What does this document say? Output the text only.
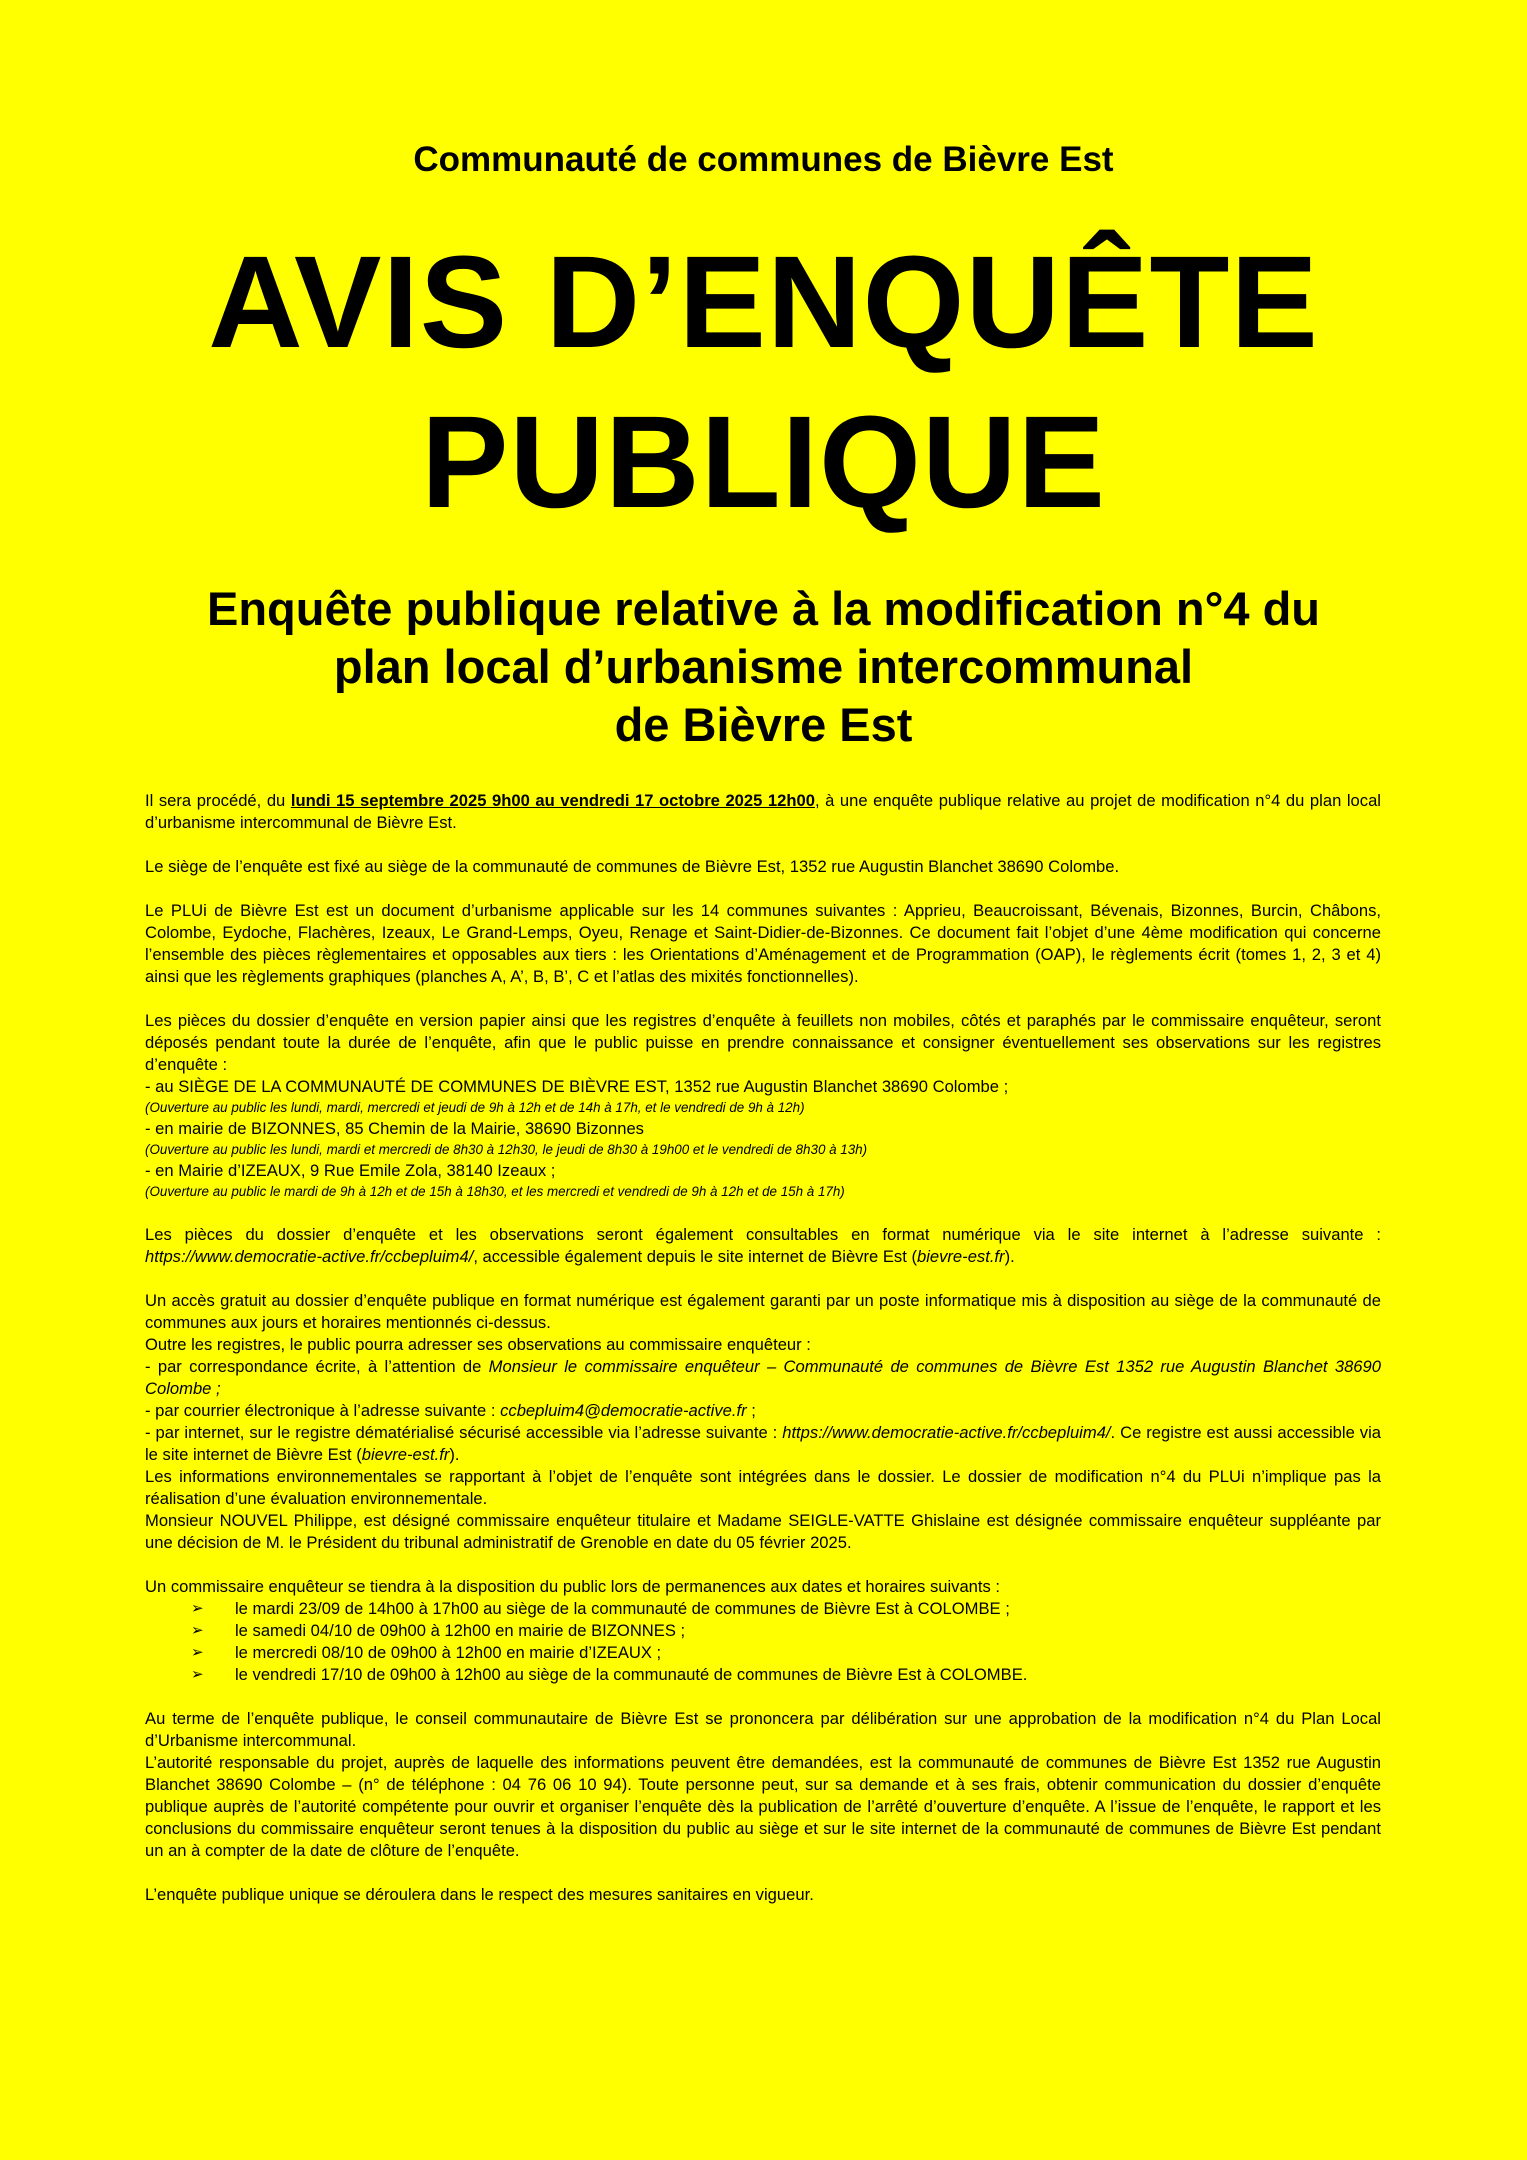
Communauté de communes de Bièvre Est
AVIS D’ENQUÊTE
PUBLIQUE
Enquête publique relative à la modification n°4 du
plan local d’urbanisme intercommunal
de Bièvre Est

Il sera procédé, du lundi 15 septembre 2025 9h00 au vendredi 17 octobre 2025 12h00, à une enquête publique relative au projet de modification n°4 du plan local d’urbanisme intercommunal de Bièvre Est.

Le siège de l’enquête est fixé au siège de la communauté de communes de Bièvre Est, 1352 rue Augustin Blanchet 38690 Colombe.

Le PLUi de Bièvre Est est un document d’urbanisme applicable sur les 14 communes suivantes : Apprieu, Beaucroissant, Bévenais, Bizonnes, Burcin, Châbons, Colombe, Eydoche, Flachères, Izeaux, Le Grand-Lemps, Oyeu, Renage et Saint-Didier-de-Bizonnes. Ce document fait l’objet d’une 4ème modification qui concerne l’ensemble des pièces règlementaires et opposables aux tiers : les Orientations d’Aménagement et de Programmation (OAP), le règlements écrit (tomes 1, 2, 3 et 4) ainsi que les règlements graphiques (planches A, A’, B, B’, C et l’atlas des mixités fonctionnelles).

Les pièces du dossier d’enquête en version papier ainsi que les registres d’enquête à feuillets non mobiles, côtés et paraphés par le commissaire enquêteur, seront déposés pendant toute la durée de l’enquête, afin que le public puisse en prendre connaissance et consigner éventuellement ses observations sur les registres d’enquête :

- au SIÈGE DE LA COMMUNAUTÉ DE COMMUNES DE BIÈVRE EST, 1352 rue Augustin Blanchet 38690 Colombe ;

(Ouverture au public les lundi, mardi, mercredi et jeudi de 9h à 12h et de 14h à 17h, et le vendredi de 9h à 12h)

- en mairie de BIZONNES, 85 Chemin de la Mairie, 38690 Bizonnes

(Ouverture au public les lundi, mardi et mercredi de 8h30 à 12h30, le jeudi de 8h30 à 19h00 et le vendredi de 8h30 à 13h)

- en Mairie d’IZEAUX, 9 Rue Emile Zola, 38140 Izeaux ;

(Ouverture au public le mardi de 9h à 12h et de 15h à 18h30, et les mercredi et vendredi de 9h à 12h et de 15h à 17h)

Les pièces du dossier d’enquête et les observations seront également consultables en format numérique via le site internet à l’adresse suivante : https://www.democratie-active.fr/ccbepluim4/, accessible également depuis le site internet de Bièvre Est (bievre-est.fr).

Un accès gratuit au dossier d’enquête publique en format numérique est également garanti par un poste informatique mis à disposition au siège de la communauté de communes aux jours et horaires mentionnés ci-dessus.

Outre les registres, le public pourra adresser ses observations au commissaire enquêteur :

- par correspondance écrite, à l’attention de Monsieur le commissaire enquêteur – Communauté de communes de Bièvre Est 1352 rue Augustin Blanchet 38690 Colombe ;

- par courrier électronique à l’adresse suivante : ccbepluim4@democratie-active.fr ;

- par internet, sur le registre dématérialisé sécurisé accessible via l’adresse suivante : https://www.democratie-active.fr/ccbepluim4/. Ce registre est aussi accessible via le site internet de Bièvre Est (bievre-est.fr).

Les informations environnementales se rapportant à l’objet de l’enquête sont intégrées dans le dossier. Le dossier de modification n°4 du PLUi n’implique pas la réalisation d’une évaluation environnementale.

Monsieur NOUVEL Philippe, est désigné commissaire enquêteur titulaire et Madame SEIGLE-VATTE Ghislaine est désignée commissaire enquêteur suppléante par une décision de M. le Président du tribunal administratif de Grenoble en date du 05 février 2025.

Un commissaire enquêteur se tiendra à la disposition du public lors de permanences aux dates et horaires suivants :

➢ le mardi 23/09 de 14h00 à 17h00 au siège de la communauté de communes de Bièvre Est à COLOMBE ;
➢ le samedi 04/10 de 09h00 à 12h00 en mairie de BIZONNES ;
➢ le mercredi 08/10 de 09h00 à 12h00 en mairie d’IZEAUX ;
➢ le vendredi 17/10 de 09h00 à 12h00 au siège de la communauté de communes de Bièvre Est à COLOMBE.

Au terme de l’enquête publique, le conseil communautaire de Bièvre Est se prononcera par délibération sur une approbation de la modification n°4 du Plan Local d’Urbanisme intercommunal.

L’autorité responsable du projet, auprès de laquelle des informations peuvent être demandées, est la communauté de communes de Bièvre Est 1352 rue Augustin Blanchet 38690 Colombe – (n° de téléphone : 04 76 06 10 94). Toute personne peut, sur sa demande et à ses frais, obtenir communication du dossier d’enquête publique auprès de l’autorité compétente pour ouvrir et organiser l’enquête dès la publication de l’arrêté d’ouverture d’enquête. A l’issue de l’enquête, le rapport et les conclusions du commissaire enquêteur seront tenues à la disposition du public au siège et sur le site internet de la communauté de communes de Bièvre Est pendant un an à compter de la date de clôture de l’enquête.

L’enquête publique unique se déroulera dans le respect des mesures sanitaires en vigueur.
